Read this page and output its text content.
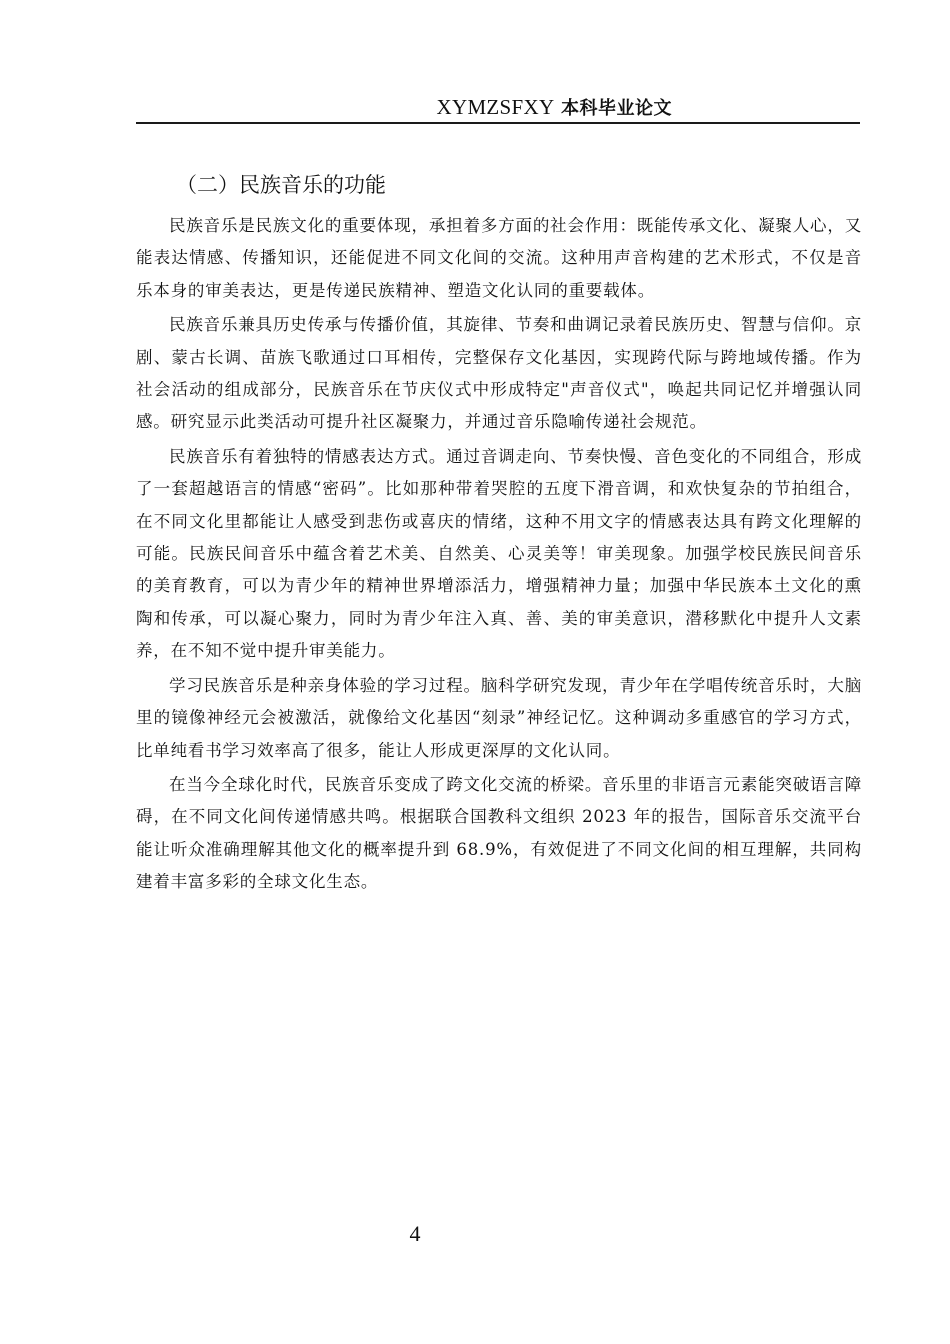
XYMZSFXY 本科毕业论文
（二）民族音乐的功能

民族音乐是民族文化的重要体现，承担着多方面的社会作用：既能传承文化、凝聚人心，又能表达情感、传播知识，还能促进不同文化间的交流。这种用声音构建的艺术形式，不仅是音乐本身的审美表达，更是传递民族精神、塑造文化认同的重要载体。

民族音乐兼具历史传承与传播价值，其旋律、节奏和曲调记录着民族历史、智慧与信仰。京剧、蒙古长调、苗族飞歌通过口耳相传，完整保存文化基因，实现跨代际与跨地域传播。作为社会活动的组成部分，民族音乐在节庆仪式中形成特定"声音仪式"，唤起共同记忆并增强认同感。研究显示此类活动可提升社区凝聚力，并通过音乐隐喻传递社会规范。

民族音乐有着独特的情感表达方式。通过音调走向、节奏快慢、音色变化的不同组合，形成了一套超越语言的情感“密码”。比如那种带着哭腔的五度下滑音调，和欢快复杂的节拍组合，在不同文化里都能让人感受到悲伤或喜庆的情绪，这种不用文字的情感表达具有跨文化理解的可能。民族民间音乐中蕴含着艺术美、自然美、心灵美等！审美现象。加强学校民族民间音乐的美育教育，可以为青少年的精神世界增添活力，增强精神力量；加强中华民族本土文化的熏陶和传承，可以凝心聚力，同时为青少年注入真、善、美的审美意识，潜移默化中提升人文素养，在不知不觉中提升审美能力。

学习民族音乐是种亲身体验的学习过程。脑科学研究发现，青少年在学唱传统音乐时，大脑里的镜像神经元会被激活，就像给文化基因“刻录”神经记忆。这种调动多重感官的学习方式，比单纯看书学习效率高了很多，能让人形成更深厚的文化认同。

在当今全球化时代，民族音乐变成了跨文化交流的桥梁。音乐里的非语言元素能突破语言障碍，在不同文化间传递情感共鸣。根据联合国教科文组织 2023 年的报告，国际音乐交流平台能让听众准确理解其他文化的概率提升到 68.9%，有效促进了不同文化间的相互理解，共同构建着丰富多彩的全球文化生态。

4
